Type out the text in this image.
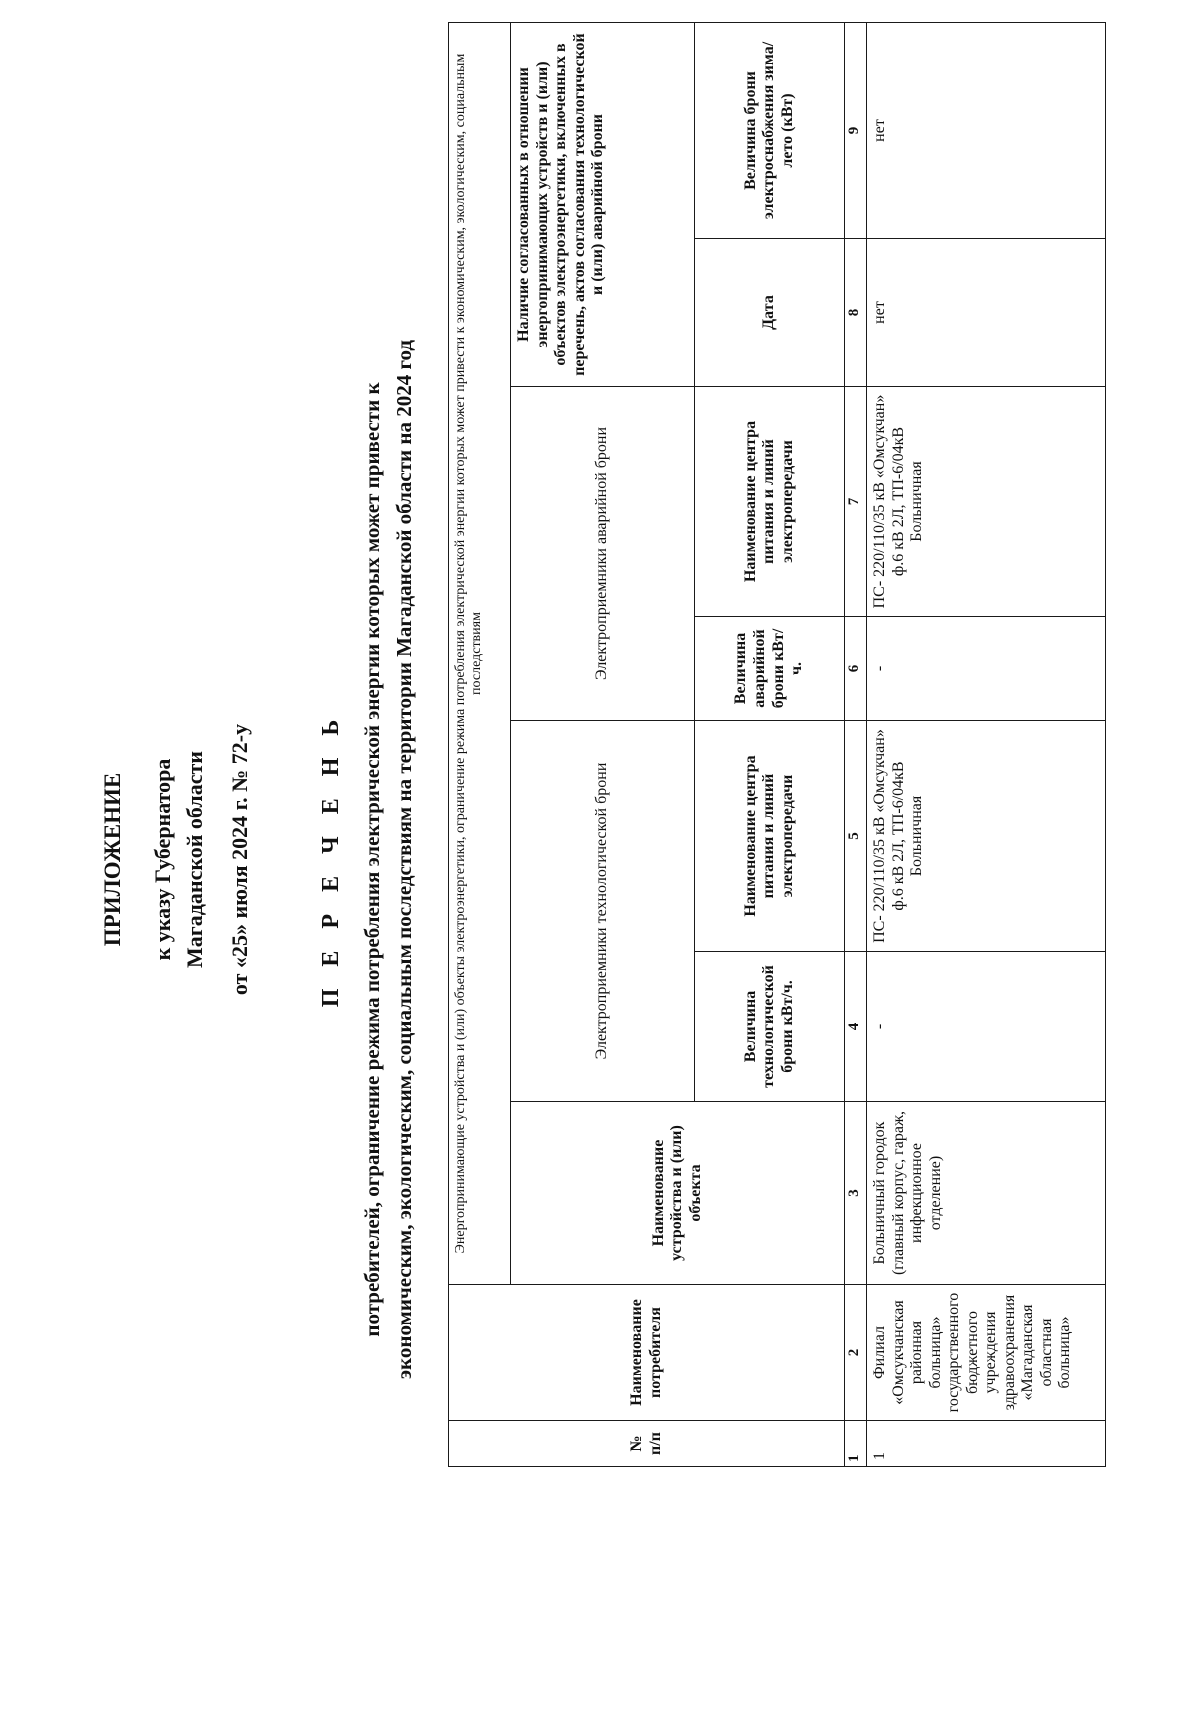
ПРИЛОЖЕНИЕ к указу Губернатора Магаданской области от «25» июля 2024 г. № 72-у	П Е Р Е Ч Е Н Ь потребителей, ограничение режима потребления электрической энергии которых может привести к экономическим, экологическим, социальным последствиям на территории Магаданской области на 2024 год
№ п/п	Наименование потребителя	Энергопринимающие устройства и (или) объекты электроэнергетики, ограничение режима потребления электрической энергии которых может привести к экономическим, экологическим, социальным последствиям						
		Наименование устройства и (или) объекта	Электроприемники технологической брони		Электроприемники аварийной брони		Наличие согласованных в отношении энергопринимающих устройств и (или) объектов электроэнергетики, включенных в перечень, актов согласования технологической и (или) аварийной брони	
			Величина технологической брони кВт/ч.	Наименование центра питания и линий электропередачи	Величина аварийной брони кВт/ч.	Наименование центра питания и линий электропередачи	Дата	Величина брони электроснабжения зима/лето (кВт)
1	2	3	4	5	6	7	8	9
1	Филиал «Омсукчанская районная больница» государственного бюджетного учреждения здравоохранения «Магаданская областная больница»	Больничный городок (главный корпус, гараж, инфекционное отделение)	-	ПС- 220/110/35 кВ «Омсукчан» ф.6 кВ 2Л, ТП-6/04кВ Больничная	-	ПС- 220/110/35 кВ «Омсукчан» ф.6 кВ 2Л, ТП-6/04кВ Больничная	нет	нет
